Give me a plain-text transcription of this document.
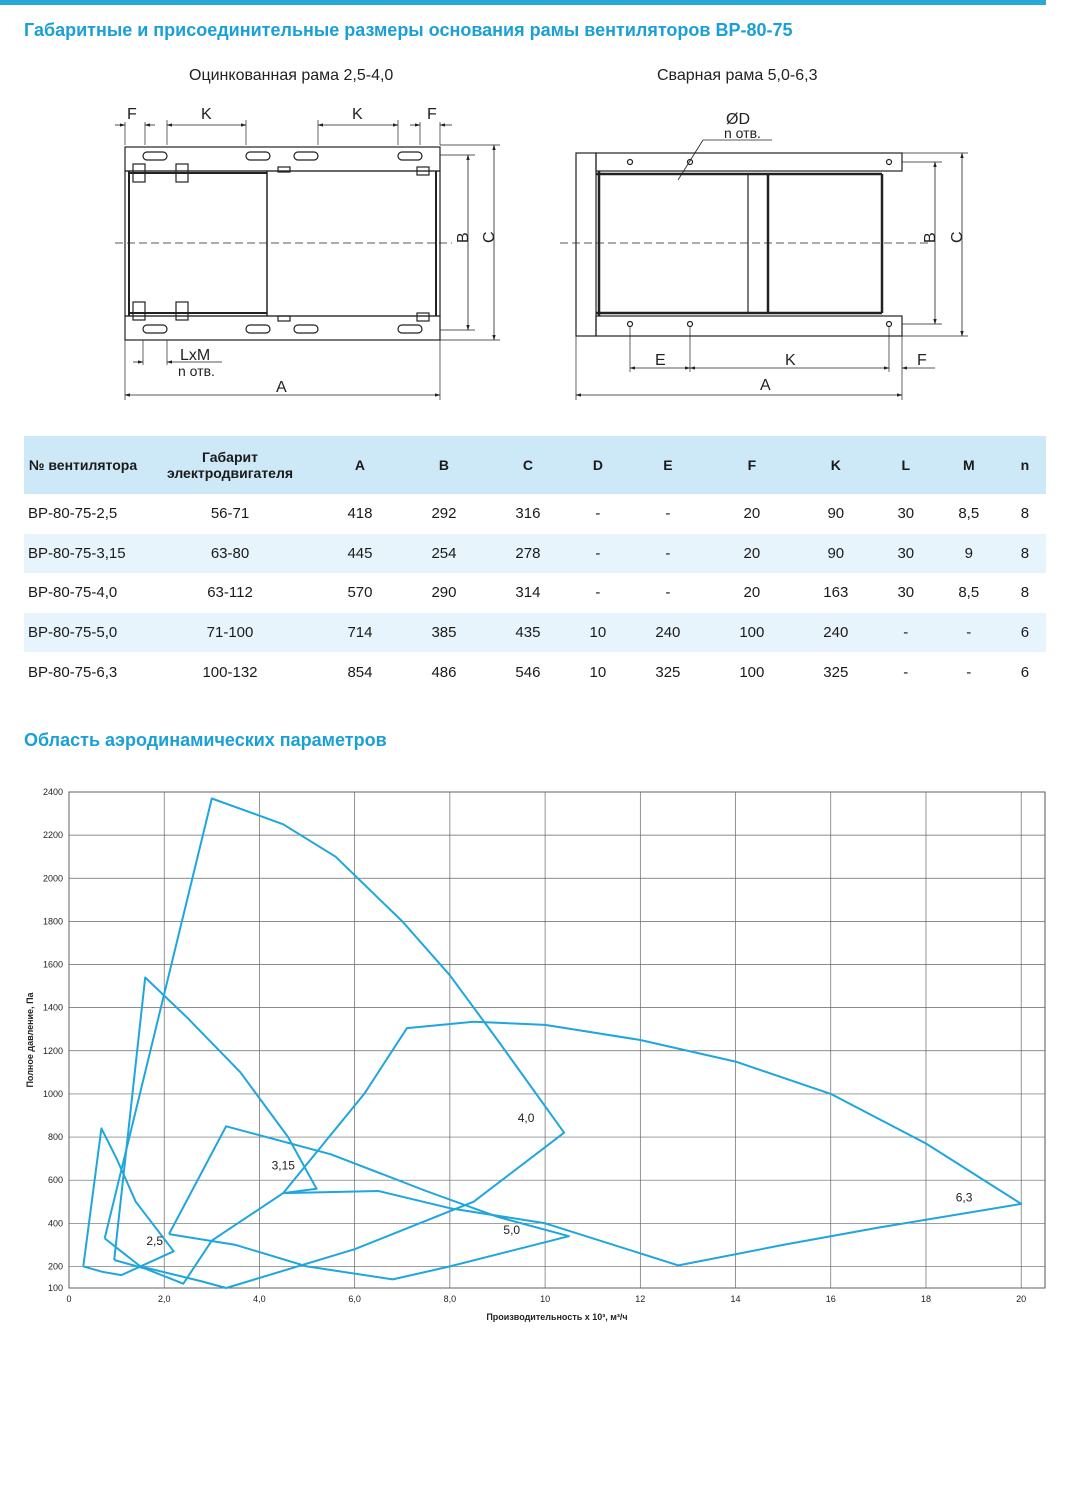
Габаритные и присоединительные размеры основания рамы вентиляторов ВР-80-75
Оцинкованная рама 2,5-4,0	Сварная рама 5,0-6,3
F	K	K	F
B C
LxM
n отв.
A
ØD
n отв.
B C
E	K	F
A
№ вентилятора	Габарит электродвигателя	A	B	C	D	E	F	K	L	M	n
ВР-80-75-2,5	56-71	418	292	316	-	-	20	90	30	8,5	8
ВР-80-75-3,15	63-80	445	254	278	-	-	20	90	30	9	8
ВР-80-75-4,0	63-112	570	290	314	-	-	20	163	30	8,5	8
ВР-80-75-5,0	71-100	714	385	435	10	240	100	240	-	-	6
ВР-80-75-6,3	100-132	854	486	546	10	325	100	325	-	-	6
Область аэродинамических параметров
100
200
400
600
800
1000
1200
1400
1600
1800
2000
2200
2400
0	2,0	4,0	6,0	8,0	10	12	14	16	18	20
Производительность х 10³, м³/ч
Полное давление, Па
2,5
3,15
4,0
5,0
6,3
